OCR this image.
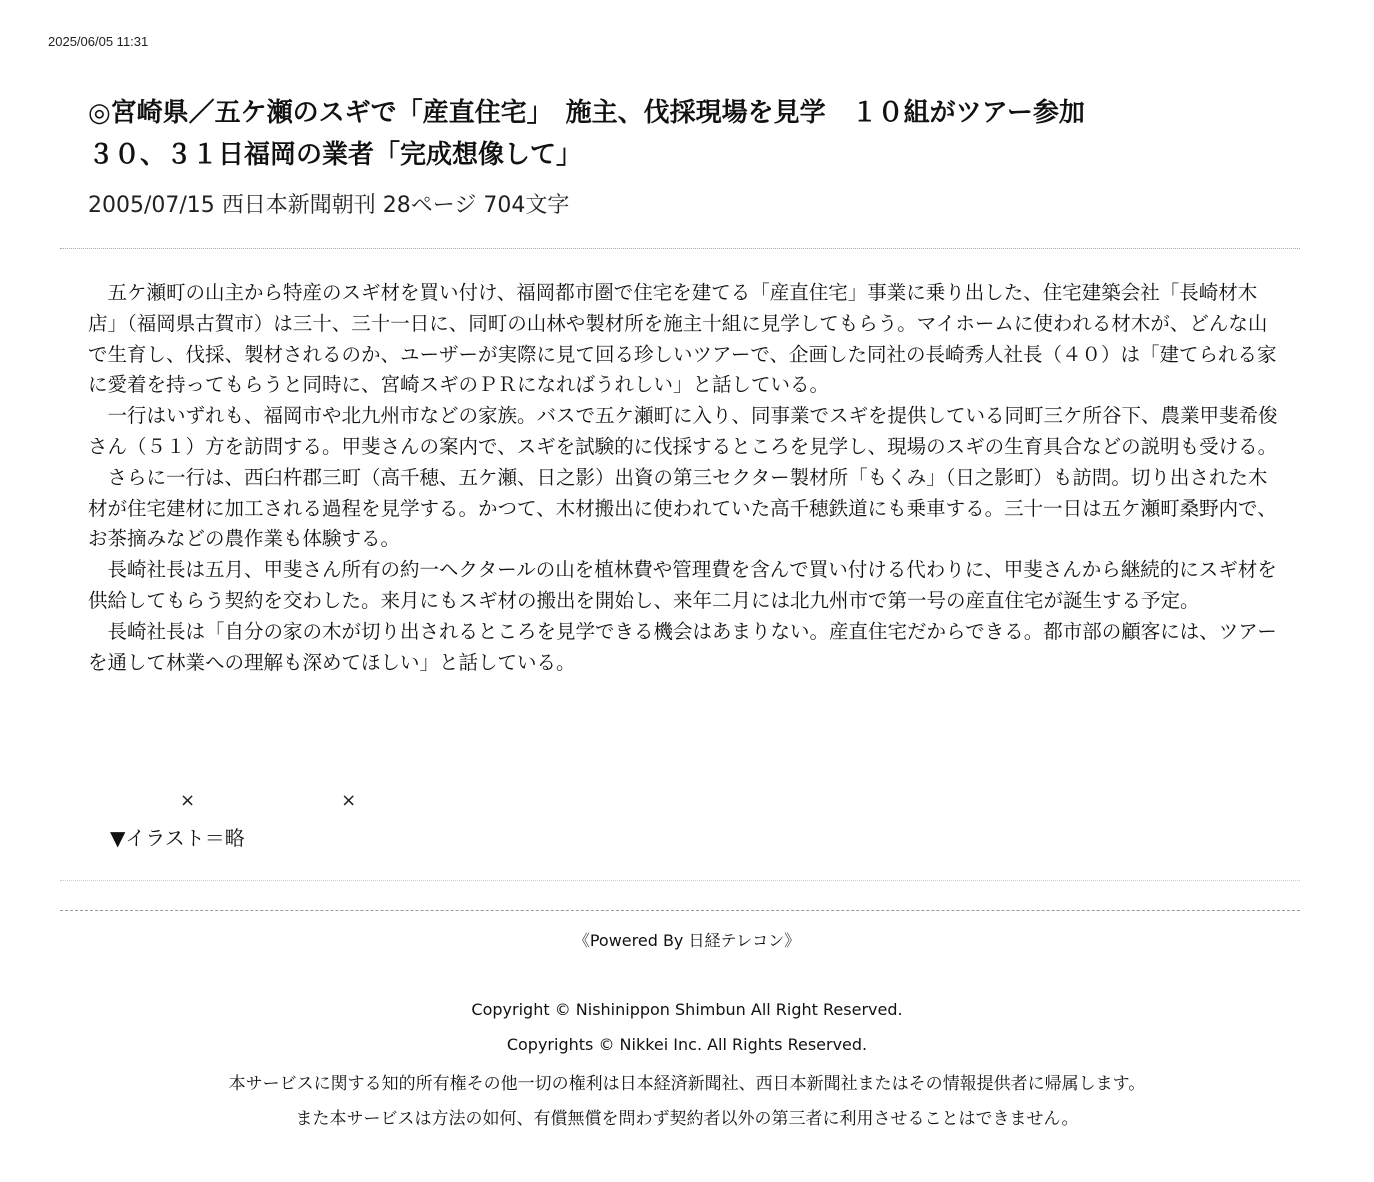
2025/06/05 11:31
◎宮崎県／五ケ瀬のスギで「産直住宅」　施主、伐採現場を見学　１０組がツアー参加
３０、３１日福岡の業者「完成想像して」
2005/07/15 西日本新聞朝刊 28ページ 704文字

五ケ瀬町の山主から特産のスギ材を買い付け、福岡都市圏で住宅を建てる「産直住宅」事業に乗り出した、住宅建築会社「長崎材木店」（福岡県古賀市）は三十、三十一日に、同町の山林や製材所を施主十組に見学してもらう。マイホームに使われる材木が、どんな山で生育し、伐採、製材されるのか、ユーザーが実際に見て回る珍しいツアーで、企画した同社の長崎秀人社長（４０）は「建てられる家に愛着を持ってもらうと同時に、宮崎スギのＰＲになればうれしい」と話している。

一行はいずれも、福岡市や北九州市などの家族。バスで五ケ瀬町に入り、同事業でスギを提供している同町三ケ所谷下、農業甲斐希俊さん（５１）方を訪問する。甲斐さんの案内で、スギを試験的に伐採するところを見学し、現場のスギの生育具合などの説明も受ける。

さらに一行は、西臼杵郡三町（高千穂、五ケ瀬、日之影）出資の第三セクター製材所「もくみ」（日之影町）も訪問。切り出された木材が住宅建材に加工される過程を見学する。かつて、木材搬出に使われていた高千穂鉄道にも乗車する。三十一日は五ケ瀬町桑野内で、お茶摘みなどの農作業も体験する。

長崎社長は五月、甲斐さん所有の約一ヘクタールの山を植林費や管理費を含んで買い付ける代わりに、甲斐さんから継続的にスギ材を供給してもらう契約を交わした。来月にもスギ材の搬出を開始し、来年二月には北九州市で第一号の産直住宅が誕生する予定。

長崎社長は「自分の家の木が切り出されるところを見学できる機会はあまりない。産直住宅だからできる。都市部の顧客には、ツアーを通して林業への理解も深めてほしい」と話している。

×	×
▼イラスト＝略
《Powered By 日経テレコン》
Copyright © Nishinippon Shimbun All Right Reserved.
Copyrights © Nikkei Inc. All Rights Reserved.
本サービスに関する知的所有権その他一切の権利は日本経済新聞社、西日本新聞社またはその情報提供者に帰属します。
また本サービスは方法の如何、有償無償を問わず契約者以外の第三者に利用させることはできません。
